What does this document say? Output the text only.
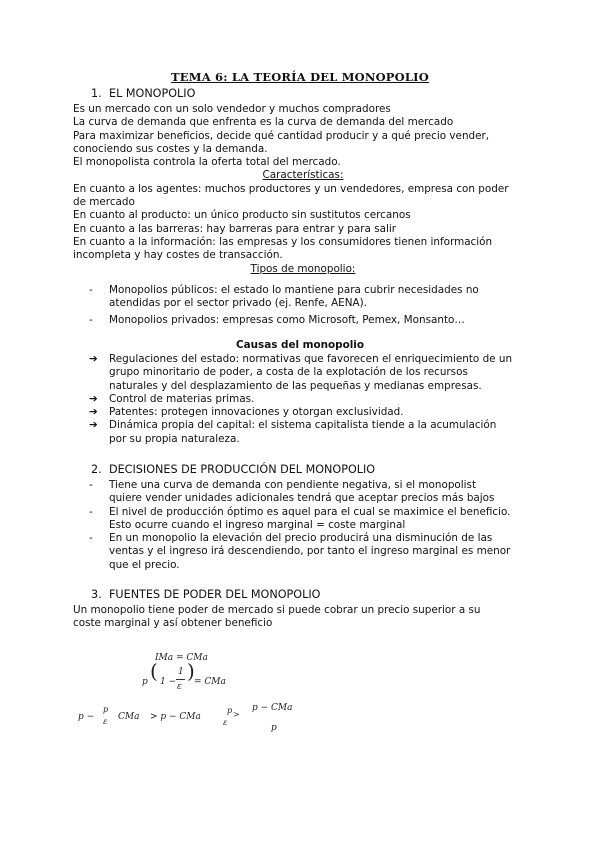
TEMA 6: LA TEORÍA DEL MONOPOLIO
1. EL MONOPOLIO
Es un mercado con un solo vendedor y muchos compradores
La curva de demanda que enfrenta es la curva de demanda del mercado
Para maximizar beneficios, decide qué cantidad producir y a qué precio vender,
conociendo sus costes y la demanda.
El monopolista controla la oferta total del mercado.
Características:
En cuanto a los agentes: muchos productores y un vendedores, empresa con poder
de mercado
En cuanto al producto: un único producto sin sustitutos cercanos
En cuanto a las barreras: hay barreras para entrar y para salir
En cuanto a la información: las empresas y los consumidores tienen información
incompleta y hay costes de transacción.
Tipos de monopolio:
- Monopolios públicos: el estado lo mantiene para cubrir necesidades no
atendidas por el sector privado (ej. Renfe, AENA).
- Monopolios privados: empresas como Microsoft, Pemex, Monsanto…
Causas del monopolio
➔ Regulaciones del estado: normativas que favorecen el enriquecimiento de un
grupo minoritario de poder, a costa de la explotación de los recursos
naturales y del desplazamiento de las pequeñas y medianas empresas.
➔ Control de materias primas.
➔ Patentes: protegen innovaciones y otorgan exclusividad.
➔ Dinámica propia del capital: el sistema capitalista tiende a la acumulación
por su propia naturaleza.
2. DECISIONES DE PRODUCCIÓN DEL MONOPOLIO
- Tiene una curva de demanda con pendiente negativa, si el monopolist
quiere vender unidades adicionales tendrá que aceptar precios más bajos
- El nivel de producción óptimo es aquel para el cual se maximice el beneficio.
Esto ocurre cuando el ingreso marginal = coste marginal
- En un monopolio la elevación del precio producirá una disminución de las
ventas y el ingreso irá descendiendo, por tanto el ingreso marginal es menor
que el precio.
3. FUENTES DE PODER DEL MONOPOLIO
Un monopolio tiene poder de mercado si puede cobrar un precio superior a su
coste marginal y así obtener beneficio
IMa = CMa
p ( 1 −
1
ε
) = CMa
p −
p
ε CMa > p − CMa
p >
ε
p − CMa
p
